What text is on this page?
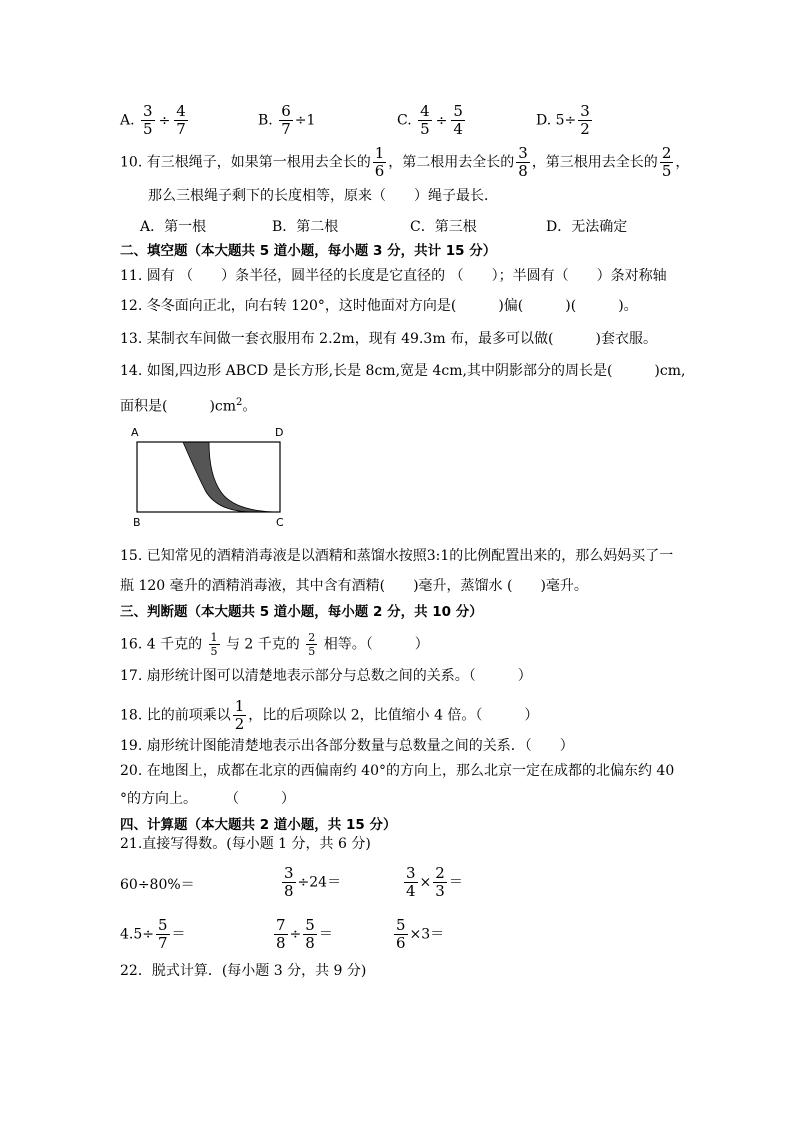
A. $\frac{3}{5} \div \frac{4}{7}$	B. $\frac{6}{7} \div 1$	C. $\frac{4}{5} \div \frac{5}{4}$	D. $5\div \frac{3}{2}$
10. 有三根绳子，如果第一根用去全长的 $\frac{1}{6}$ ，第二根用去全长的 $\frac{3}{8}$ ，第三根用去全长的 $\frac{2}{5}$ ，
那么三根绳子剩下的长度相等，原来（　　）绳子最长．
A．第一根	B．第二根	C．第三根	D．无法确定
二、填空题（本大题共 5 道小题，每小题 3 分，共计 15 分）
11. 圆有 （　　）条半径，圆半径的长度是它直径的 （　　）；半圆有（　　）条对称轴
12. 冬冬面向正北，向右转 120°，这时他面对方向是(　　　)偏(　　　)(　　　)。
13. 某制衣车间做一套衣服用布 2.2m，现有 49.3m 布，最多可以做(　　　)套衣服。
14. 如图,四边形 ABCD 是长方形,长是 8cm,宽是 4cm,其中阴影部分的周长是(　　　)cm,
面积是(　　　)$cm^2$。
A	D
B	C
15. 已知常见的酒精消毒液是以酒精和蒸馏水按照3:1的比例配置出来的，那么妈妈买了一
瓶 120 毫升的酒精消毒液，其中含有酒精(　　)毫升，蒸馏水 (　　)毫升。
三、判断题（本大题共 5 道小题，每小题 2 分，共 10 分）
16. 4 千克的 $\frac{1}{5}$ 与 2 千克的 $\frac{2}{5}$ 相等。（　　　）
17. 扇形统计图可以清楚地表示部分与总数之间的关系。（　　　）
18. 比的前项乘以 $\frac{1}{2}$ ，比的后项除以 2，比值缩小 4 倍。（　　　）
19. 扇形统计图能清楚地表示出各部分数量与总数量之间的关系．（　　）
20. 在地图上，成都在北京的西偏南约 40°的方向上，那么北京一定在成都的北偏东约 40
°的方向上。　　　（　　　）
四、计算题（本大题共 2 道小题，共 15 分）
21.直接写得数。(每小题 1 分，共 6 分)
60÷80%＝	$\frac{3}{8} \div 24=$	$\frac{3}{4} \times \frac{2}{3}$ ＝
$4.5\div \frac{5}{7}$ ＝	$\frac{7}{8} \div \frac{5}{8}$ ＝	$\frac{5}{6} \times 3=$
22．脱式计算．(每小题 3 分，共 9 分)
